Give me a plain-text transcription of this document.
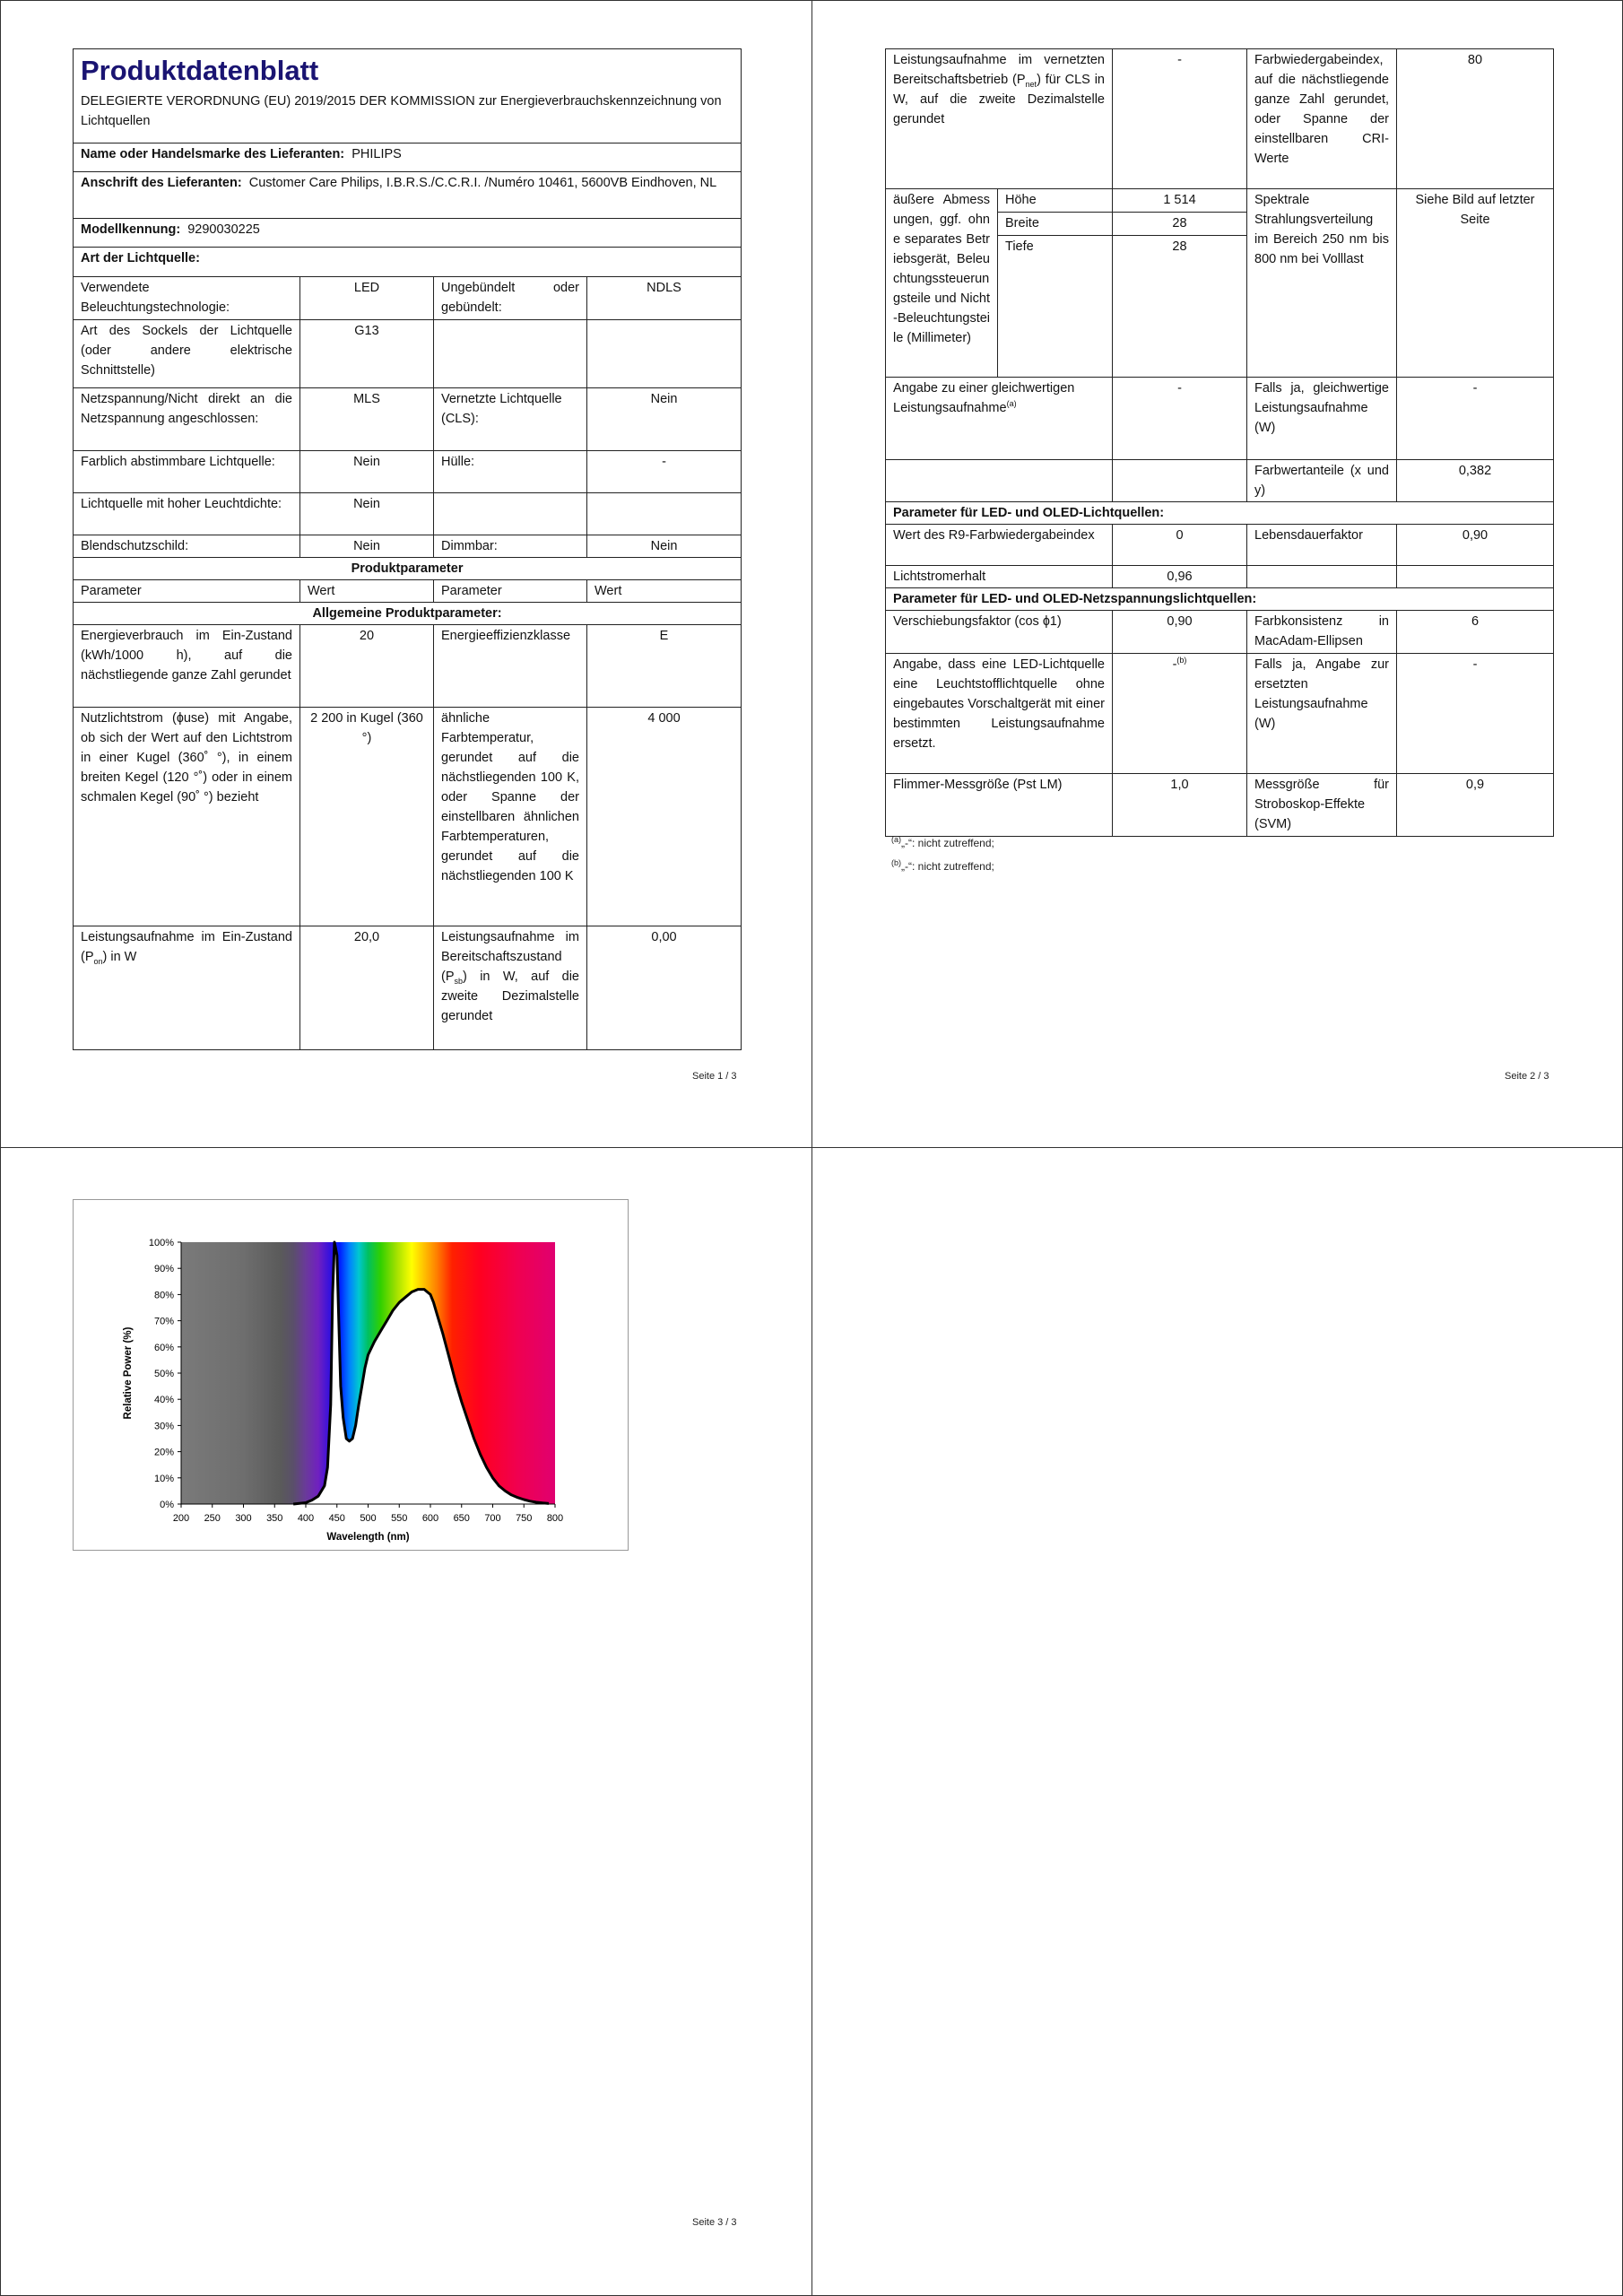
Produktdatenblatt
DELEGIERTE VERORDNUNG (EU) 2019/2015 DER KOMMISSION zur Energieverbrauchskennzeichnung von Lichtquellen			

Name oder Handelsmarke des Lieferanten: PHILIPS			
Anschrift des Lieferanten: Customer Care Philips, I.B.R.S./C.C.R.I. /Numéro 10461, 5600VB Eindhoven, NL			
Modellkennung: 9290030225			
Art der Lichtquelle:			
Verwendete Beleuchtungstechnologie:	LED	Ungebündelt oder gebündelt:	NDLS
Art des Sockels der Lichtquelle (oder andere elektrische Schnittstelle)	G13		
Netzspannung/Nicht direkt an die Netzspannung angeschlossen:	MLS	Vernetzte Lichtquelle (CLS):	Nein
Farblich abstimmbare Lichtquelle:	Nein	Hülle:	-
Lichtquelle mit hoher Leuchtdichte:	Nein		
Blendschutzschild:	Nein	Dimmbar:	Nein
Produktparameter			
Parameter	Wert	Parameter	Wert
Allgemeine Produktparameter:			
Energieverbrauch im Ein-Zustand (kWh/1000 h), auf die nächstliegende ganze Zahl gerundet	20	Energieeffizienzklasse	E
Nutzlichtstrom (ɸuse) mit Angabe, ob sich der Wert auf den Lichtstrom in einer Kugel (360˚ °), in einem breiten Kegel (120 °˚) oder in einem schmalen Kegel (90˚ °) bezieht	2 200 in Kugel (360 °)	ähnliche Farbtemperatur, gerundet auf die nächstliegenden 100 K, oder Spanne der einstellbaren ähnlichen Farbtemperaturen, gerundet auf die nächstliegenden 100 K	4 000
Leistungsaufnahme im Ein-Zustand $(P_{on})$ in W	20,0	Leistungsaufnahme im Bereitschaftszustand $(P_{sb})$ in W, auf die zweite Dezimalstelle gerundet	0,00
Seite 1 / 3
Leistungsaufnahme im vernetzten Bereitschaftsbetrieb $(P_{net})$ für CLS in W, auf die zweite Dezimalstelle gerundet		-	Farbwiedergabeindex, auf die nächstliegende ganze Zahl gerundet, oder Spanne der einstellbaren CRI-Werte	80
äußere Abmessungen, ggf. ohne separates Betriebsgerät, Beleuchtungssteuerungsteile und Nicht-Beleuchtungsteile (Millimeter)	Höhe	1 514	Spektrale Strahlungsverteilung im Bereich 250 nm bis 800 nm bei Volllast	Siehe Bild auf letzter Seite
	Breite	28		
	Tiefe	28		
Angabe zu einer gleichwertigen Leistungsaufnahme$^{(a)}$		-	Falls ja, gleichwertige Leistungsaufnahme (W)	-
			Farbwertanteile (x und y)	0,382
Parameter für LED- und OLED-Lichtquellen:				
Wert des R9-Farbwiedergabeindex		0	Lebensdauerfaktor	0,90
Lichtstromerhalt		0,96		
Parameter für LED- und OLED-Netzspannungslichtquellen:				
Verschiebungsfaktor (cos ɸ1)		0,90	Farbkonsistenz in MacAdam-Ellipsen	6
Angabe, dass eine LED-Lichtquelle eine Leuchtstofflichtquelle ohne eingebautes Vorschaltgerät mit einer bestimmten Leistungsaufnahme ersetzt.		-$^{(b)}$	Falls ja, Angabe zur ersetzten Leistungsaufnahme (W)	-
Flimmer-Messgröße (Pst LM)		1,0	Messgröße für Stroboskop-Effekte (SVM)	0,9
$^{(a)}$„-“: nicht zutreffend;
$^{(b)}$„-“: nicht zutreffend;
Seite 2 / 3
0%
10%
20%
30%
40%
50%
60%
70%
80%
90%
100%
200 250 300 350 400 450 500 550 600 650 700 750 800
Wavelength (nm)
Relative Power (%)
Seite 3 / 3
